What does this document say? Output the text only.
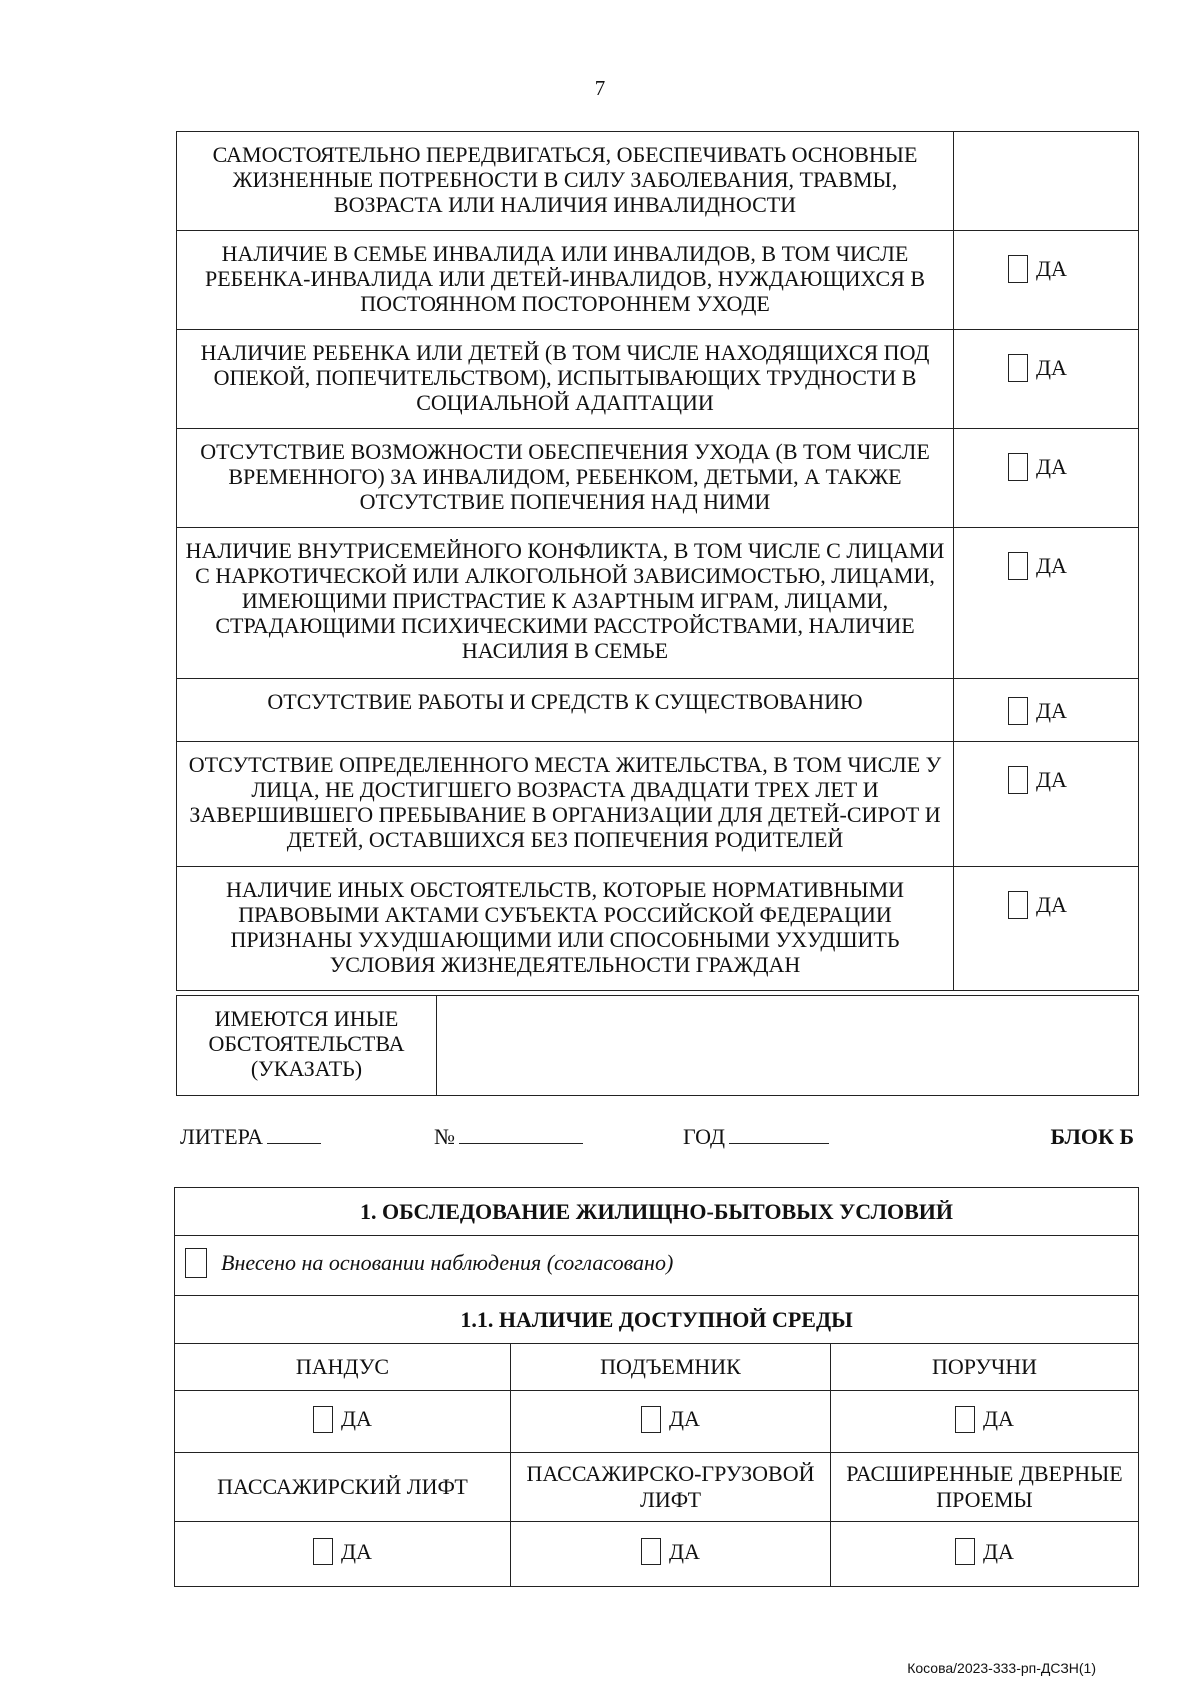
7
САМОСТОЯТЕЛЬНО ПЕРЕДВИГАТЬСЯ, ОБЕСПЕЧИВАТЬ ОСНОВНЫЕ ЖИЗНЕННЫЕ ПОТРЕБНОСТИ В СИЛУ ЗАБОЛЕВАНИЯ, ТРАВМЫ, ВОЗРАСТА ИЛИ НАЛИЧИЯ ИНВАЛИДНОСТИ	
НАЛИЧИЕ В СЕМЬЕ ИНВАЛИДА ИЛИ ИНВАЛИДОВ, В ТОМ ЧИСЛЕ РЕБЕНКА-ИНВАЛИДА ИЛИ ДЕТЕЙ-ИНВАЛИДОВ, НУЖДАЮЩИХСЯ В ПОСТОЯННОМ ПОСТОРОННЕМ УХОДЕ	ДА

НАЛИЧИЕ РЕБЕНКА ИЛИ ДЕТЕЙ (В ТОМ ЧИСЛЕ НАХОДЯЩИХСЯ ПОД ОПЕКОЙ, ПОПЕЧИТЕЛЬСТВОМ), ИСПЫТЫВАЮЩИХ ТРУДНОСТИ В СОЦИАЛЬНОЙ АДАПТАЦИИ	ДА

ОТСУТСТВИЕ ВОЗМОЖНОСТИ ОБЕСПЕЧЕНИЯ УХОДА (В ТОМ ЧИСЛЕ ВРЕМЕННОГО) ЗА ИНВАЛИДОМ, РЕБЕНКОМ, ДЕТЬМИ, А ТАКЖЕ ОТСУТСТВИЕ ПОПЕЧЕНИЯ НАД НИМИ	ДА

НАЛИЧИЕ ВНУТРИСЕМЕЙНОГО КОНФЛИКТА, В ТОМ ЧИСЛЕ С ЛИЦАМИ С НАРКОТИЧЕСКОЙ ИЛИ АЛКОГОЛЬНОЙ ЗАВИСИМОСТЬЮ, ЛИЦАМИ, ИМЕЮЩИМИ ПРИСТРАСТИЕ К АЗАРТНЫМ ИГРАМ, ЛИЦАМИ, СТРАДАЮЩИМИ ПСИХИЧЕСКИМИ РАССТРОЙСТВАМИ, НАЛИЧИЕ НАСИЛИЯ В СЕМЬЕ	ДА

ОТСУТСТВИЕ РАБОТЫ И СРЕДСТВ К СУЩЕСТВОВАНИЮ	ДА

ОТСУТСТВИЕ ОПРЕДЕЛЕННОГО МЕСТА ЖИТЕЛЬСТВА, В ТОМ ЧИСЛЕ У ЛИЦА, НЕ ДОСТИГШЕГО ВОЗРАСТА ДВАДЦАТИ ТРЕХ ЛЕТ И ЗАВЕРШИВШЕГО ПРЕБЫВАНИЕ В ОРГАНИЗАЦИИ ДЛЯ ДЕТЕЙ-СИРОТ И ДЕТЕЙ, ОСТАВШИХСЯ БЕЗ ПОПЕЧЕНИЯ РОДИТЕЛЕЙ	ДА

НАЛИЧИЕ ИНЫХ ОБСТОЯТЕЛЬСТВ, КОТОРЫЕ НОРМАТИВНЫМИ ПРАВОВЫМИ АКТАМИ СУБЪЕКТА РОССИЙСКОЙ ФЕДЕРАЦИИ ПРИЗНАНЫ УХУДШАЮЩИМИ ИЛИ СПОСОБНЫМИ УХУДШИТЬ УСЛОВИЯ ЖИЗНЕДЕЯТЕЛЬНОСТИ ГРАЖДАН	ДА
ИМЕЮТСЯ ИНЫЕ ОБСТОЯТЕЛЬСТВА (УКАЗАТЬ)	
ЛИТЕРА	№	ГОД	БЛОК Б
1. ОБСЛЕДОВАНИЕ ЖИЛИЩНО-БЫТОВЫХ УСЛОВИЙ		

Внесено на основании наблюдения (согласовано)		

1.1. НАЛИЧИЕ ДОСТУПНОЙ СРЕДЫ		
ПАНДУС	ПОДЪЕМНИК	ПОРУЧНИ

ДА	ДА	ДА

ПАССАЖИРСКИЙ ЛИФТ	ПАССАЖИРСКО-ГРУЗОВОЙ ЛИФТ	РАСШИРЕННЫЕ ДВЕРНЫЕ ПРОЕМЫ

ДА	ДА	ДА
Косова/2023-333-рп-ДСЗН(1)
